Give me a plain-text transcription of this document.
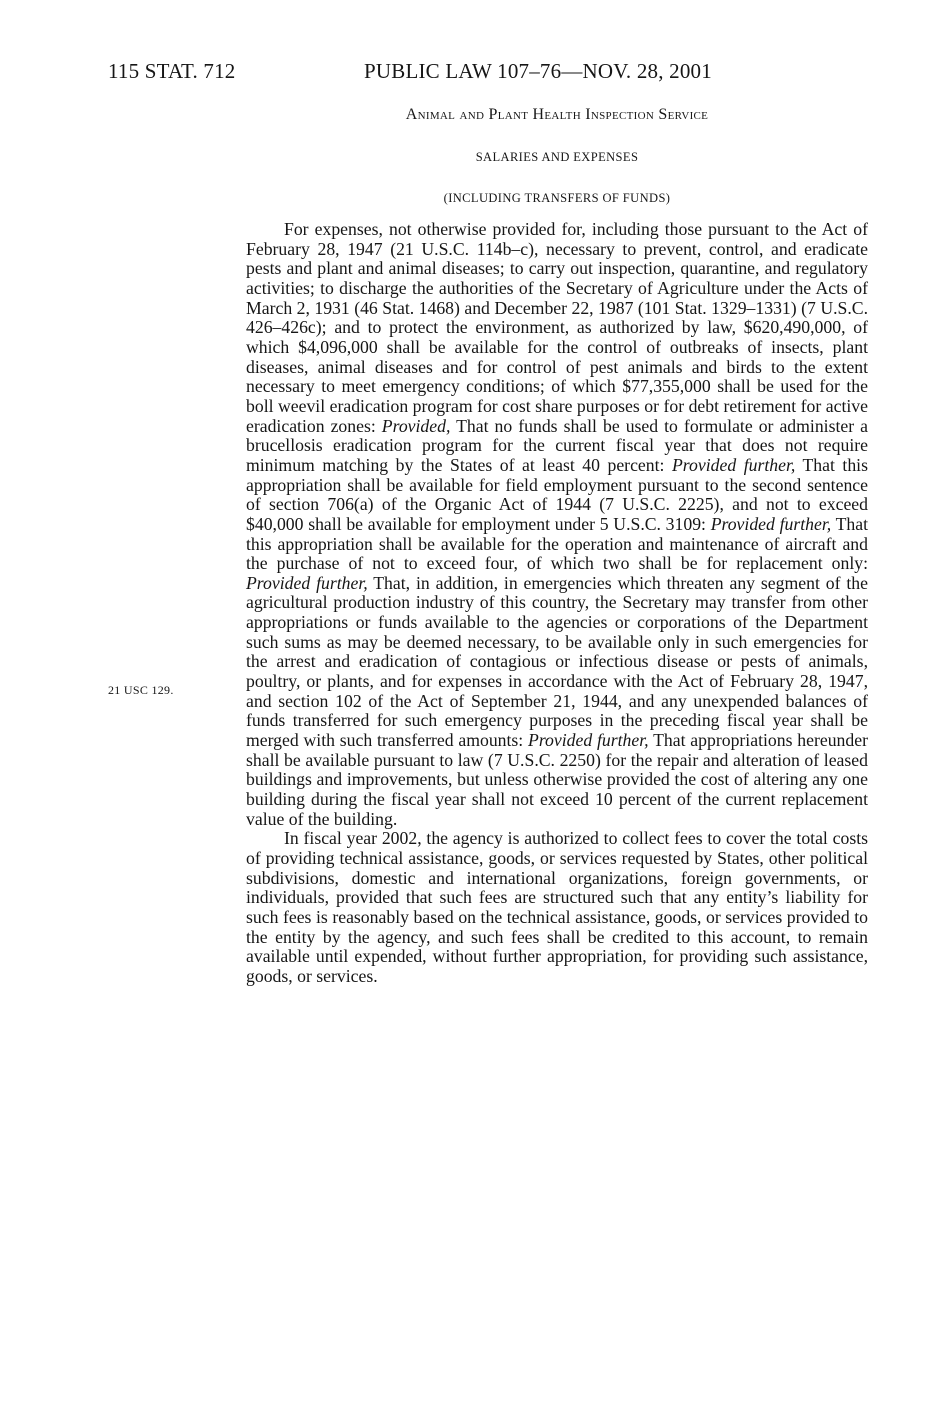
115 STAT. 712	PUBLIC LAW 107–76—NOV. 28, 2001
Animal and Plant Health Inspection Service
SALARIES AND EXPENSES
(INCLUDING TRANSFERS OF FUNDS)
21 USC 129.

For expenses, not otherwise provided for, including those pursuant to the Act of February 28, 1947 (21 U.S.C. 114b–c), necessary to prevent, control, and eradicate pests and plant and animal diseases; to carry out inspection, quarantine, and regulatory activities; to discharge the authorities of the Secretary of Agriculture under the Acts of March 2, 1931 (46 Stat. 1468) and December 22, 1987 (101 Stat. 1329–1331) (7 U.S.C. 426–426c); and to protect the environment, as authorized by law, $620,490,000, of which $4,096,000 shall be available for the control of outbreaks of insects, plant diseases, animal diseases and for control of pest animals and birds to the extent necessary to meet emergency conditions; of which $77,355,000 shall be used for the boll weevil eradication program for cost share purposes or for debt retirement for active eradication zones: Provided, That no funds shall be used to formulate or administer a brucellosis eradication program for the current fiscal year that does not require minimum matching by the States of at least 40 percent: Provided further, That this appropriation shall be available for field employment pursuant to the second sentence of section 706(a) of the Organic Act of 1944 (7 U.S.C. 2225), and not to exceed $40,000 shall be available for employment under 5 U.S.C. 3109: Provided further, That this appropriation shall be available for the operation and maintenance of aircraft and the purchase of not to exceed four, of which two shall be for replacement only: Provided further, That, in addition, in emergencies which threaten any segment of the agricultural production industry of this country, the Secretary may transfer from other appropriations or funds available to the agencies or corporations of the Department such sums as may be deemed necessary, to be available only in such emergencies for the arrest and eradication of contagious or infectious disease or pests of animals, poultry, or plants, and for expenses in accordance with the Act of February 28, 1947, and section 102 of the Act of September 21, 1944, and any unexpended balances of funds transferred for such emergency purposes in the preceding fiscal year shall be merged with such transferred amounts: Provided further, That appropriations hereunder shall be available pursuant to law (7 U.S.C. 2250) for the repair and alteration of leased buildings and improvements, but unless otherwise provided the cost of altering any one building during the fiscal year shall not exceed 10 percent of the current replacement value of the building.

In fiscal year 2002, the agency is authorized to collect fees to cover the total costs of providing technical assistance, goods, or services requested by States, other political subdivisions, domestic and international organizations, foreign governments, or individuals, provided that such fees are structured such that any entity’s liability for such fees is reasonably based on the technical assistance, goods, or services provided to the entity by the agency, and such fees shall be credited to this account, to remain available until expended, without further appropriation, for providing such assistance, goods, or services.
